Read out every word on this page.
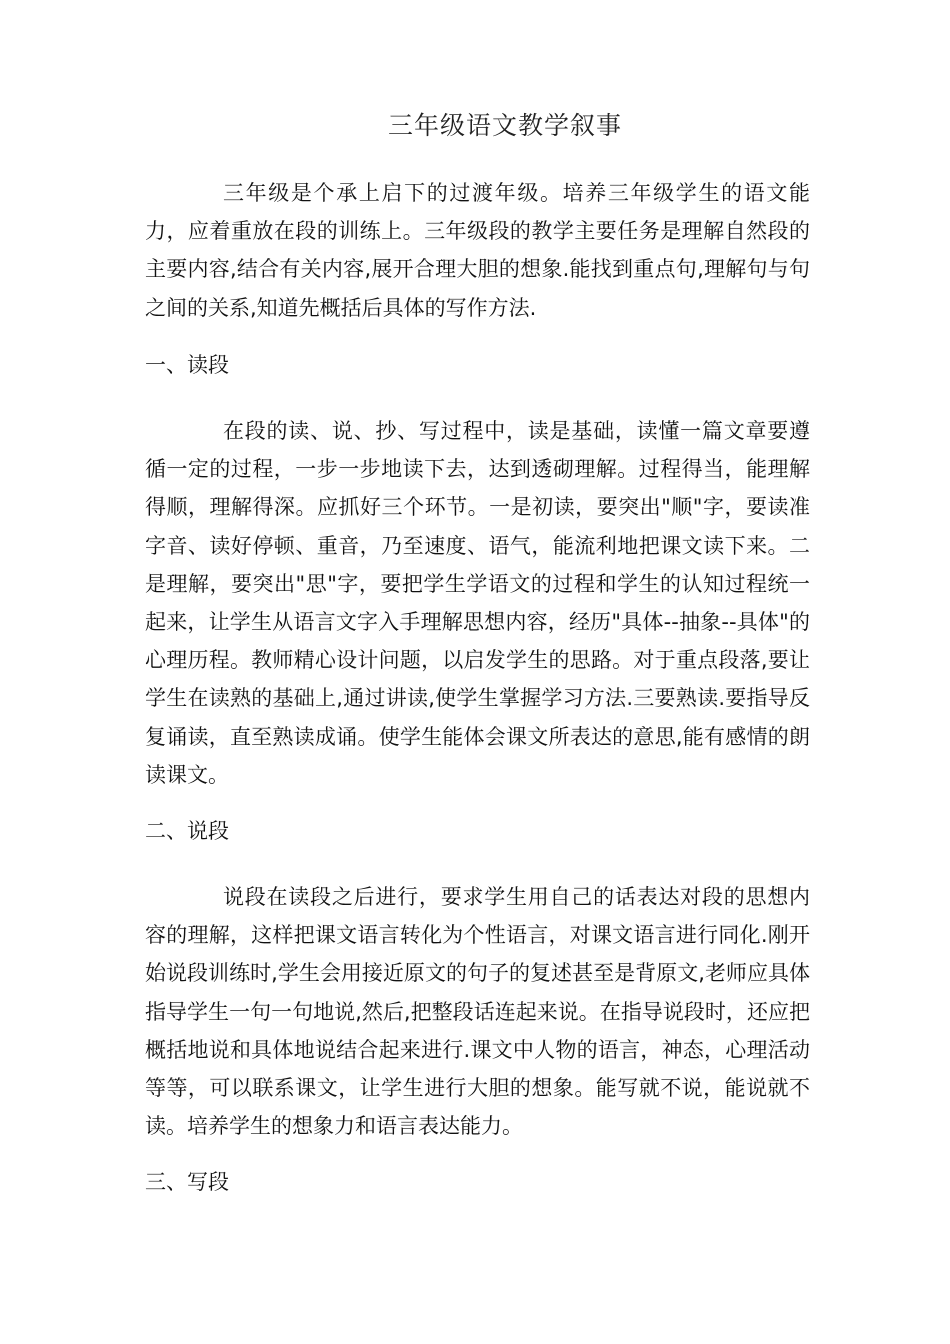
三年级语文教学叙事

三年级是个承上启下的过渡年级。培养三年级学生的语文能力，应着重放在段的训练上。三年级段的教学主要任务是理解自然段的主要内容,结合有关内容,展开合理大胆的想象.能找到重点句,理解句与句之间的关系,知道先概括后具体的写作方法.

一、读段

在段的读、说、抄、写过程中，读是基础，读懂一篇文章要遵循一定的过程，一步一步地读下去，达到透砌理解。过程得当，能理解得顺，理解得深。应抓好三个环节。一是初读，要突出"顺"字，要读准字音、读好停顿、重音，乃至速度、语气，能流利地把课文读下来。二是理解，要突出"思"字，要把学生学语文的过程和学生的认知过程统一起来，让学生从语言文字入手理解思想内容，经历"具体--抽象--具体"的心理历程。教师精心设计问题，以启发学生的思路。对于重点段落,要让学生在读熟的基础上,通过讲读,使学生掌握学习方法.三要熟读.要指导反复诵读，直至熟读成诵。使学生能体会课文所表达的意思,能有感情的朗读课文。

二、说段

说段在读段之后进行，要求学生用自己的话表达对段的思想内容的理解，这样把课文语言转化为个性语言，对课文语言进行同化.刚开始说段训练时,学生会用接近原文的句子的复述甚至是背原文,老师应具体指导学生一句一句地说,然后,把整段话连起来说。在指导说段时，还应把概括地说和具体地说结合起来进行.课文中人物的语言，神态，心理活动等等，可以联系课文，让学生进行大胆的想象。能写就不说，能说就不读。培养学生的想象力和语言表达能力。

三、写段
